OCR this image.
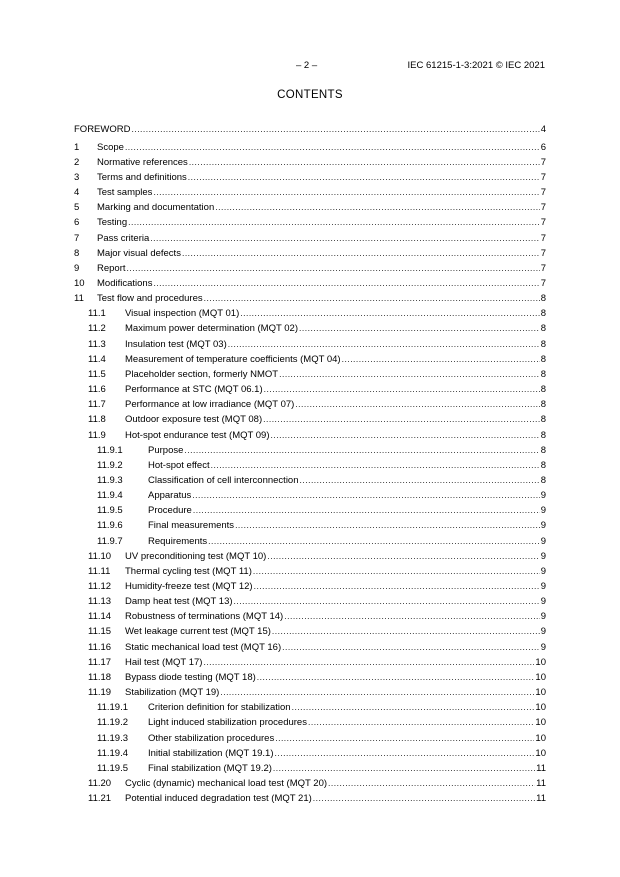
– 2 –	IEC 61215-1-3:2021 © IEC 2021
CONTENTS
FOREWORD .....	4
1	Scope .....	6
2	Normative references .....	7
3	Terms and definitions .....	7
4	Test samples .....	7
5	Marking and documentation .....	7
6	Testing .....	7
7	Pass criteria .....	7
8	Major visual defects .....	7
9	Report .....	7
10	Modifications .....	7
11	Test flow and procedures .....	8
11.1	Visual inspection (MQT 01) .....	8
11.2	Maximum power determination (MQT 02) .....	8
11.3	Insulation test (MQT 03) .....	8
11.4	Measurement of temperature coefficients (MQT 04) .....	8
11.5	Placeholder section, formerly NMOT .....	8
11.6	Performance at STC (MQT 06.1) .....	8
11.7	Performance at low irradiance (MQT 07) .....	8
11.8	Outdoor exposure test (MQT 08) .....	8
11.9	Hot-spot endurance test (MQT 09) .....	8
11.9.1	Purpose .....	8
11.9.2	Hot-spot effect .....	8
11.9.3	Classification of cell interconnection .....	8
11.9.4	Apparatus .....	9
11.9.5	Procedure .....	9
11.9.6	Final measurements .....	9
11.9.7	Requirements .....	9
11.10	UV preconditioning test (MQT 10) .....	9
11.11	Thermal cycling test (MQT 11) .....	9
11.12	Humidity-freeze test (MQT 12) .....	9
11.13	Damp heat test (MQT 13) .....	9
11.14	Robustness of terminations (MQT 14) .....	9
11.15	Wet leakage current test (MQT 15) .....	9
11.16	Static mechanical load test (MQT 16) .....	9
11.17	Hail test (MQT 17) .....	10
11.18	Bypass diode testing (MQT 18) .....	10
11.19	Stabilization (MQT 19) .....	10
11.19.1	Criterion definition for stabilization .....	10
11.19.2	Light induced stabilization procedures .....	10
11.19.3	Other stabilization procedures .....	10
11.19.4	Initial stabilization (MQT 19.1) .....	10
11.19.5	Final stabilization (MQT 19.2) .....	11
11.20	Cyclic (dynamic) mechanical load test (MQT 20) .....	11
11.21	Potential induced degradation test (MQT 21) .....	11
